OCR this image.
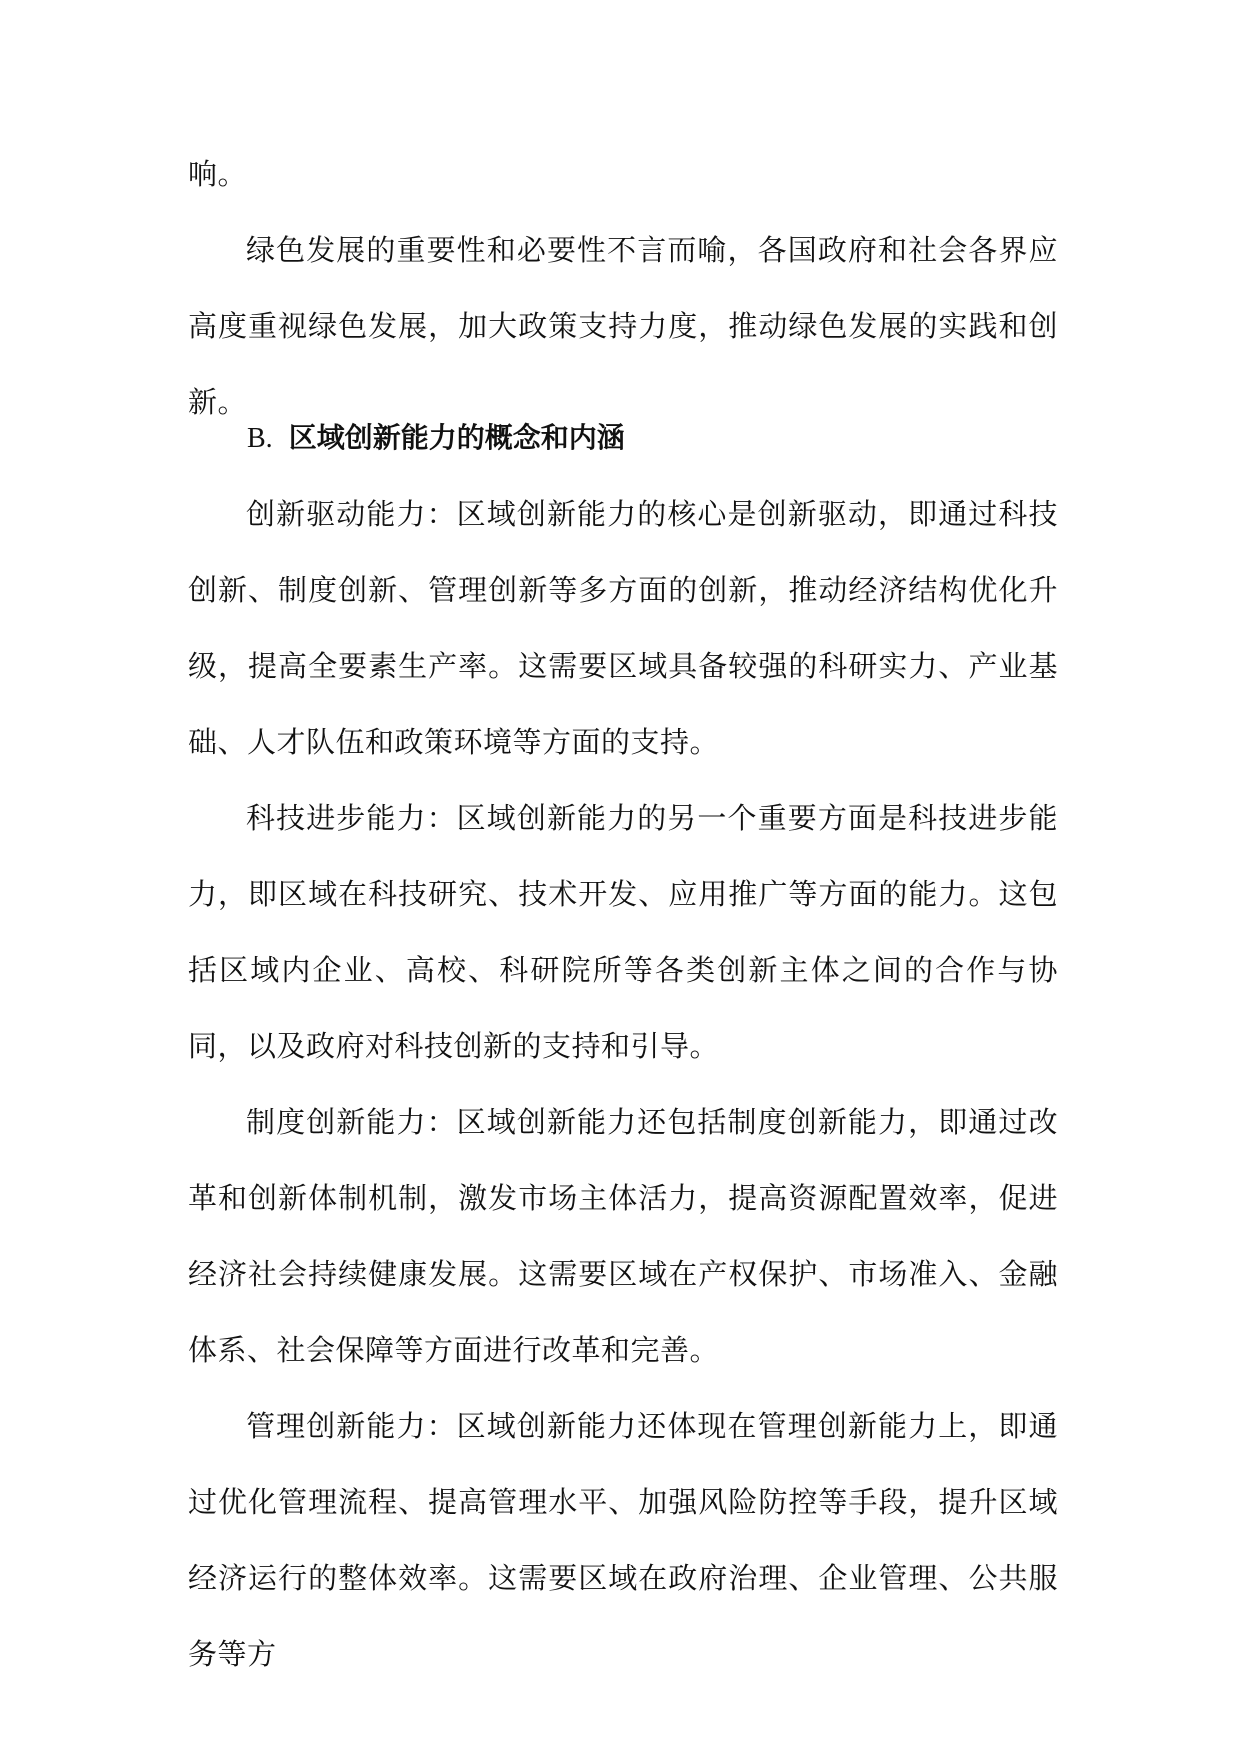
响。

绿色发展的重要性和必要性不言而喻，各国政府和社会各界应高度重视绿色发展，加大政策支持力度，推动绿色发展的实践和创新。

B. 区域创新能力的概念和内涵

创新驱动能力：区域创新能力的核心是创新驱动，即通过科技创新、制度创新、管理创新等多方面的创新，推动经济结构优化升级，提高全要素生产率。这需要区域具备较强的科研实力、产业基础、人才队伍和政策环境等方面的支持。

科技进步能力：区域创新能力的另一个重要方面是科技进步能力，即区域在科技研究、技术开发、应用推广等方面的能力。这包括区域内企业、高校、科研院所等各类创新主体之间的合作与协同，以及政府对科技创新的支持和引导。

制度创新能力：区域创新能力还包括制度创新能力，即通过改革和创新体制机制，激发市场主体活力，提高资源配置效率，促进经济社会持续健康发展。这需要区域在产权保护、市场准入、金融体系、社会保障等方面进行改革和完善。

管理创新能力：区域创新能力还体现在管理创新能力上，即通过优化管理流程、提高管理水平、加强风险防控等手段，提升区域经济运行的整体效率。这需要区域在政府治理、企业管理、公共服务等方
